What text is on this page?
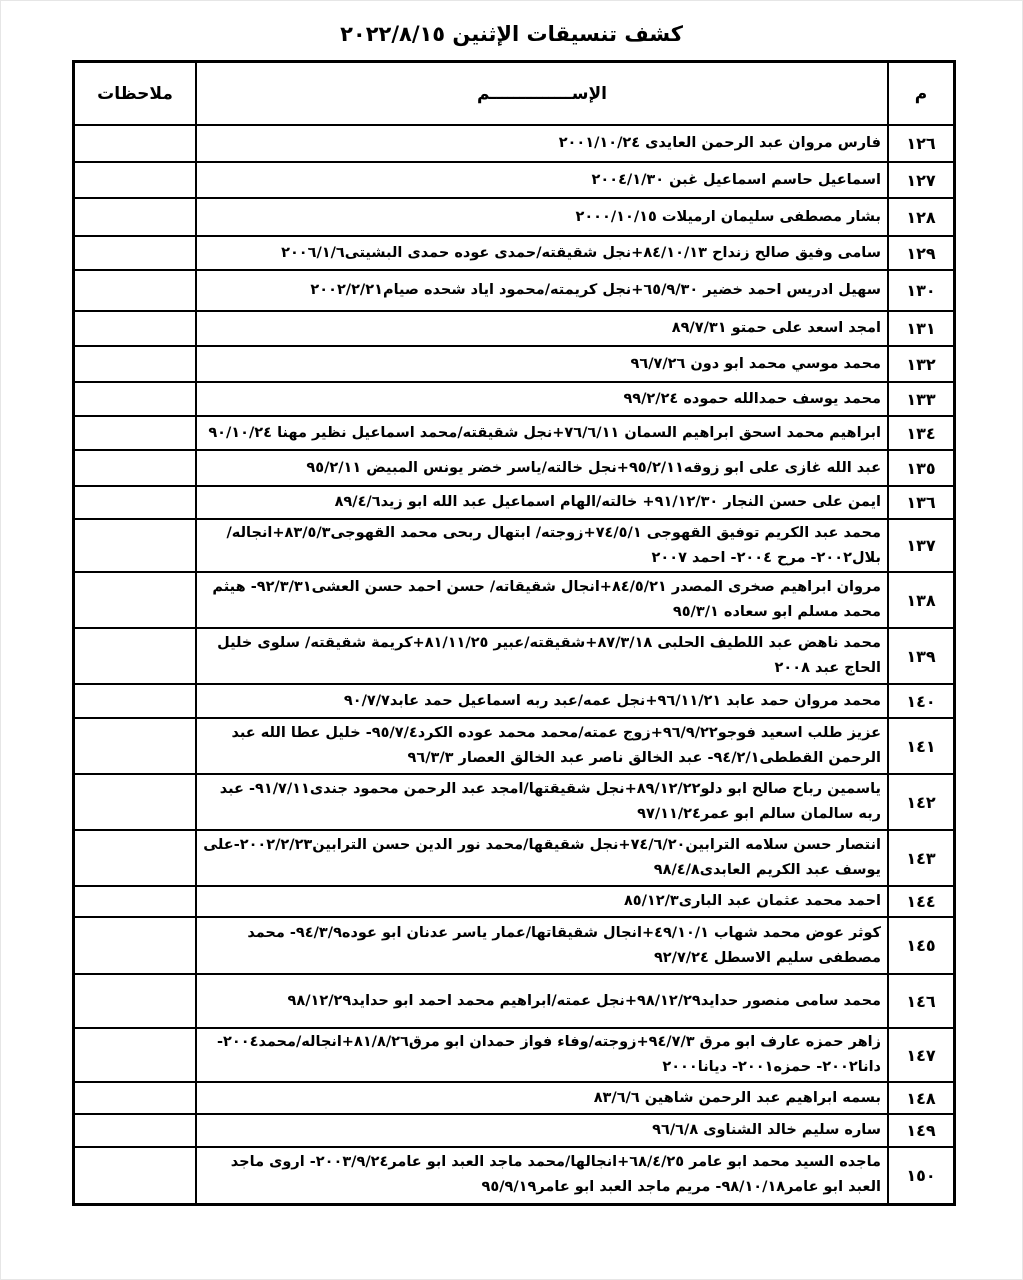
كشف تنسيقات الإثنين ٢٠٢٢/٨/١٥
م	الإســــــــــــــم	ملاحظات
١٢٦	فارس مروان عبد الرحمن العايدى ٢٠٠١/١٠/٢٤	
١٢٧	اسماعيل حاسم اسماعيل غبن ٢٠٠٤/١/٣٠	
١٢٨	بشار مصطفى سليمان ارميلات ٢٠٠٠/١٠/١٥	
١٢٩	سامى وفيق صالح زنداح ٨٤/١٠/١٣+نجل شقيقته/حمدى عوده حمدى البشيتى٢٠٠٦/١/٦	
١٣٠	سهيل ادريس احمد خضير ٦٥/٩/٣٠+نجل كريمته/محمود اياد شحده صيام٢٠٠٢/٢/٢١	
١٣١	امجد اسعد على حمتو ٨٩/٧/٣١	
١٣٢	محمد موسي محمد ابو دون ٩٦/٧/٢٦	
١٣٣	محمد يوسف حمدالله حموده ٩٩/٢/٢٤	
١٣٤	ابراهيم محمد اسحق ابراهيم السمان ٧٦/٦/١١+نجل شقيقته/محمد اسماعيل نظير مهنا ٩٠/١٠/٢٤	
١٣٥	عبد الله غازى على ابو زوقه٩٥/٢/١١+نجل خالته/ياسر خضر يونس المبيض ٩٥/٢/١١	
١٣٦	ايمن على حسن النجار ٩١/١٢/٣٠+ خالته/الهام اسماعيل عبد الله ابو زيد٨٩/٤/٦	
١٣٧	محمد عبد الكريم توفيق القهوجى ٧٤/٥/١+زوجته/ ابتهال ربحى محمد القهوجى٨٣/٥/٣+انجاله/بلال٢٠٠٢- مرح ٢٠٠٤- احمد ٢٠٠٧	
١٣٨	مروان ابراهيم صخرى المصدر ٨٤/٥/٢١+انجال شقيقاته/ حسن احمد حسن العشى٩٢/٣/٣١- هيثم محمد مسلم ابو سعاده ٩٥/٣/١	
١٣٩	محمد ناهض عبد اللطيف الحلبى ٨٧/٣/١٨+شقيقته/عبير ٨١/١١/٢٥+كريمة شقيقته/ سلوى خليل الحاج عبد ٢٠٠٨	
١٤٠	محمد مروان حمد عابد ٩٦/١١/٢١+نجل عمه/عبد ربه اسماعيل حمد عابد٩٠/٧/٧	
١٤١	عزيز طلب اسعيد فوجو٩٦/٩/٢٢+زوج عمته/محمد محمد عوده الكرد٩٥/٧/٤- خليل عطا الله عبد الرحمن القططى٩٤/٢/١- عبد الخالق ناصر عبد الخالق العصار ٩٦/٣/٣	
١٤٢	ياسمين رباح صالح ابو دلو٨٩/١٢/٢٢+نجل شقيقتها/امجد عبد الرحمن محمود جندى٩١/٧/١١- عبد ربه سالمان سالم ابو عمر٩٧/١١/٢٤	
١٤٣	انتصار حسن سلامه الترابين٧٤/٦/٢٠+نجل شقيقها/محمد نور الدين حسن الترابين٢٠٠٢/٢/٢٣-على يوسف عبد الكريم العابدى٩٨/٤/٨	
١٤٤	احمد محمد عثمان عبد البارى٨٥/١٢/٣	
١٤٥	كوثر عوض محمد شهاب ٤٩/١٠/١+انجال شقيقاتها/عمار ياسر عدنان ابو عوده٩٤/٣/٩- محمد مصطفى سليم الاسطل ٩٢/٧/٢٤	
١٤٦	محمد سامى منصور حدايد٩٨/١٢/٢٩+نجل عمته/ابراهيم محمد احمد ابو حدايد٩٨/١٢/٢٩	
١٤٧	زاهر حمزه عارف ابو مرق ٩٤/٧/٣+زوجته/وفاء فواز حمدان ابو مرق٨١/٨/٢٦+انجاله/محمد٢٠٠٤- دانا٢٠٠٢- حمزه٢٠٠١- ديانا٢٠٠٠	
١٤٨	بسمه ابراهيم عبد الرحمن شاهين ٨٣/٦/٦	
١٤٩	ساره سليم خالد الشناوى ٩٦/٦/٨	
١٥٠	ماجده السيد محمد ابو عامر ٦٨/٤/٢٥+انجالها/محمد ماجد العبد ابو عامر٢٠٠٣/٩/٢٤- اروى ماجد العبد ابو عامر٩٨/١٠/١٨- مريم ماجد العبد ابو عامر٩٥/٩/١٩	
